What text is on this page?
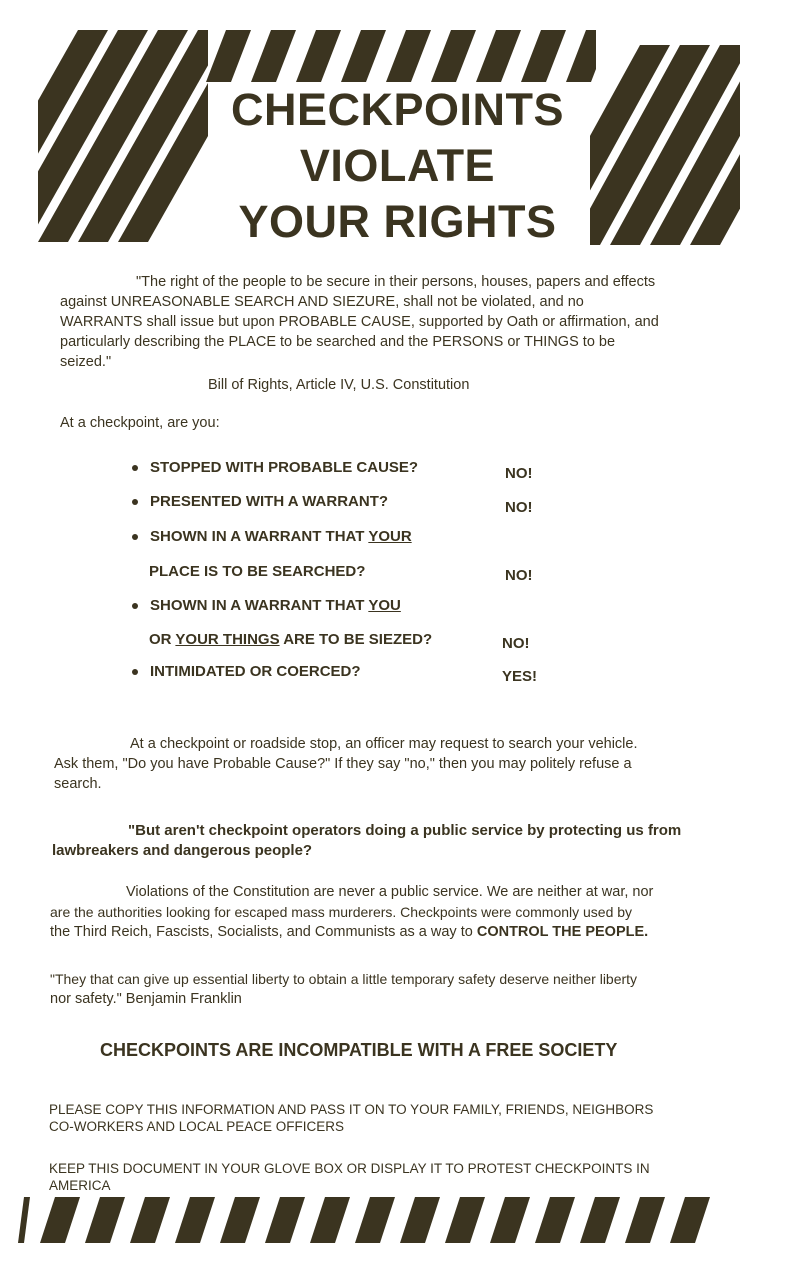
CHECKPOINTS
VIOLATE
YOUR RIGHTS
"The right of the people to be secure in their persons, houses, papers and effects
against UNREASONABLE SEARCH AND SIEZURE, shall not be violated, and no
WARRANTS shall issue but upon PROBABLE CAUSE, supported by Oath or affirmation, and
particularly describing the PLACE to be searched and the PERSONS or THINGS to be
seized."
Bill of Rights, Article IV, U.S. Constitution
At a checkpoint, are you:
STOPPED WITH PROBABLE CAUSE?	NO!
PRESENTED WITH A WARRANT?	NO!
SHOWN IN A WARRANT THAT YOUR
PLACE IS TO BE SEARCHED?	NO!
SHOWN IN A WARRANT THAT YOU
OR YOUR THINGS ARE TO BE SIEZED?	NO!
INTIMIDATED OR COERCED?	YES!
At a checkpoint or roadside stop, an officer may request to search your vehicle.
Ask them, "Do you have Probable Cause?" If they say "no," then you may politely refuse a
search.
"But aren't checkpoint operators doing a public service by protecting us from
lawbreakers and dangerous people?
Violations of the Constitution are never a public service. We are neither at war, nor
are the authorities looking for escaped mass murderers. Checkpoints were commonly used by
the Third Reich, Fascists, Socialists, and Communists as a way to CONTROL THE PEOPLE.
"They that can give up essential liberty to obtain a little temporary safety deserve neither liberty
nor safety." Benjamin Franklin
CHECKPOINTS ARE INCOMPATIBLE WITH A FREE SOCIETY
PLEASE COPY THIS INFORMATION AND PASS IT ON TO YOUR FAMILY, FRIENDS, NEIGHBORS
CO-WORKERS AND LOCAL PEACE OFFICERS
KEEP THIS DOCUMENT IN YOUR GLOVE BOX OR DISPLAY IT TO PROTEST CHECKPOINTS IN
AMERICA
